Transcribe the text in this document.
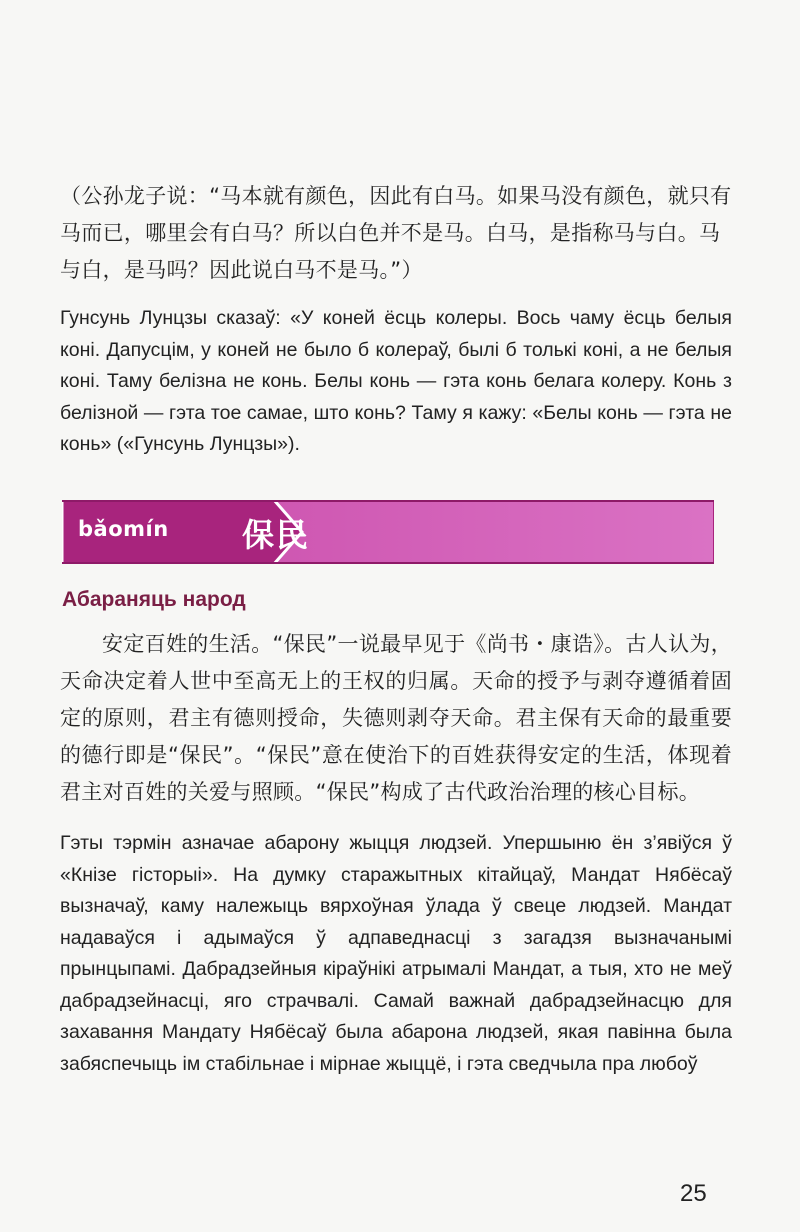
（公孙龙子说：“马本就有颜色，因此有白马。如果马没有颜色，就只有马而已，哪里会有白马？所以白色并不是马。白马，是指称马与白。马与白，是马吗？因此说白马不是马。”）

Гунсунь Лунцзы сказаў: «У коней ёсць колеры. Вось чаму ёсць белыя коні. Дапусцім, у коней не было б колераў, былі б толькі коні, а не белыя коні. Таму белізна не конь. Белы конь — гэта конь белага колеру. Конь з белізной — гэта тое самае, што конь? Таму я кажу: «Белы конь — гэта не конь» («Гунсунь Лунцзы»).

bǎomín 保民
Абараняць народ

安定百姓的生活。“保民”一说最早见于《尚书・康诰》。古人认为，天命决定着人世中至高无上的王权的归属。天命的授予与剥夺遵循着固定的原则，君主有德则授命，失德则剥夺天命。君主保有天命的最重要的德行即是“保民”。“保民”意在使治下的百姓获得安定的生活，体现着君主对百姓的关爱与照顾。“保民”构成了古代政治治理的核心目标。

Гэты тэрмін азначае абарону жыцця людзей. Упершыню ён з’явіўся ў «Кнізе гісторыі». На думку старажытных кітайцаў, Мандат Нябёсаў вызначаў, каму належыць вярхоўная ўлада ў свеце людзей. Мандат надаваўся і адымаўся ў адпаведнасці з загадзя вызначанымі прынцыпамі. Дабрадзейныя кіраўнікі атрымалі Мандат, а тыя, хто не меў дабрадзейнасці, яго страчвалі. Самай важнай дабрадзейнасцю для захавання Мандату Нябёсаў была абарона людзей, якая павінна была забяспечыць ім стабільнае і мірнае жыццё, і гэта сведчыла пра любоў

25
